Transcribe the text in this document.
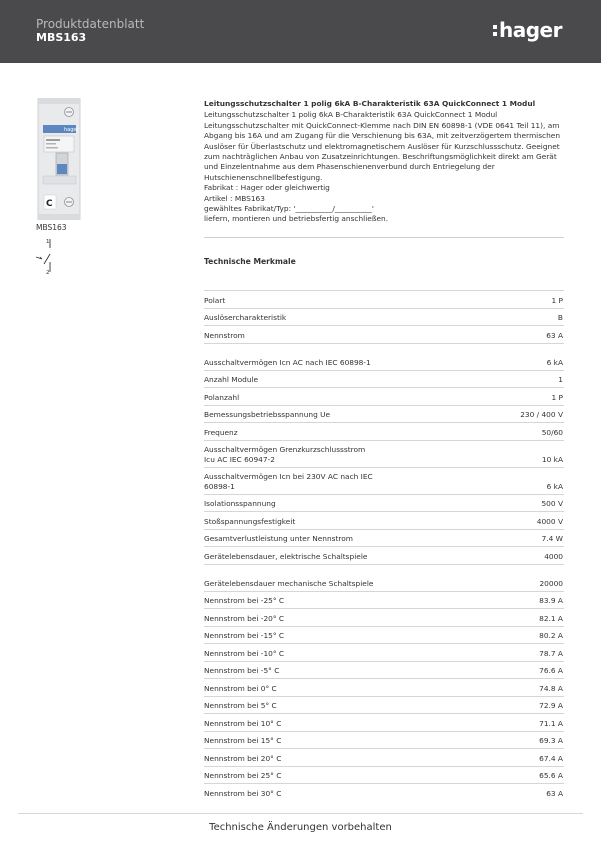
Produktdatenblatt
MBS163	hager
hager
C
MBS163
1
2

Leitungsschutzschalter 1 polig 6kA B-Charakteristik 63A QuickConnect 1 Modul

Leitungsschutzschalter 1 polig 6kA B-Charakteristik 63A QuickConnect 1 Modul

Leitungsschutzschalter mit QuickConnect-Klemme nach DIN EN 60898-1 (VDE 0641 Teil 11), am Abgang bis 16A und am Zugang für die Verschienung bis 63A, mit zeitverzögertem thermischen Auslöser für Überlastschutz und elektromagnetischem Auslöser für Kurzschlussschutz. Geeignet zum nachträglichen Anbau von Zusatzeinrichtungen. Beschriftungsmöglichkeit direkt am Gerät und Einzelentnahme aus dem Phasenschienenverbund durch Entriegelung der Hutschienenschnellbefestigung.

Fabrikat : Hager oder gleichwertig

Artikel : MBS163

gewähltes Fabrikat/Typ: '__________/__________'

liefern, montieren und betriebsfertig anschließen.

Technische Merkmale
Polart	1 P
Auslösercharakteristik	B
Nennstrom	63 A
Ausschaltvermögen Icn AC nach IEC 60898-1	6 kA
Anzahl Module	1
Polanzahl	1 P
Bemessungsbetriebsspannung Ue	230 / 400 V
Frequenz	50/60
Ausschaltvermögen Grenzkurzschlussstrom Icu AC IEC 60947-2	10 kA
Ausschaltvermögen Icn bei 230V AC nach IEC 60898-1	6 kA
Isolationsspannung	500 V
Stoßspannungsfestigkeit	4000 V
Gesamtverlustleistung unter Nennstrom	7.4 W
Gerätelebensdauer, elektrische Schaltspiele	4000
Gerätelebensdauer mechanische Schaltspiele	20000
Nennstrom bei -25° C	83.9 A
Nennstrom bei -20° C	82.1 A
Nennstrom bei -15° C	80.2 A
Nennstrom bei -10° C	78.7 A
Nennstrom bei -5° C	76.6 A
Nennstrom bei 0° C	74.8 A
Nennstrom bei 5° C	72.9 A
Nennstrom bei 10° C	71.1 A
Nennstrom bei 15° C	69.3 A
Nennstrom bei 20° C	67.4 A
Nennstrom bei 25° C	65.6 A
Nennstrom bei 30° C	63 A
Technische Änderungen vorbehalten
